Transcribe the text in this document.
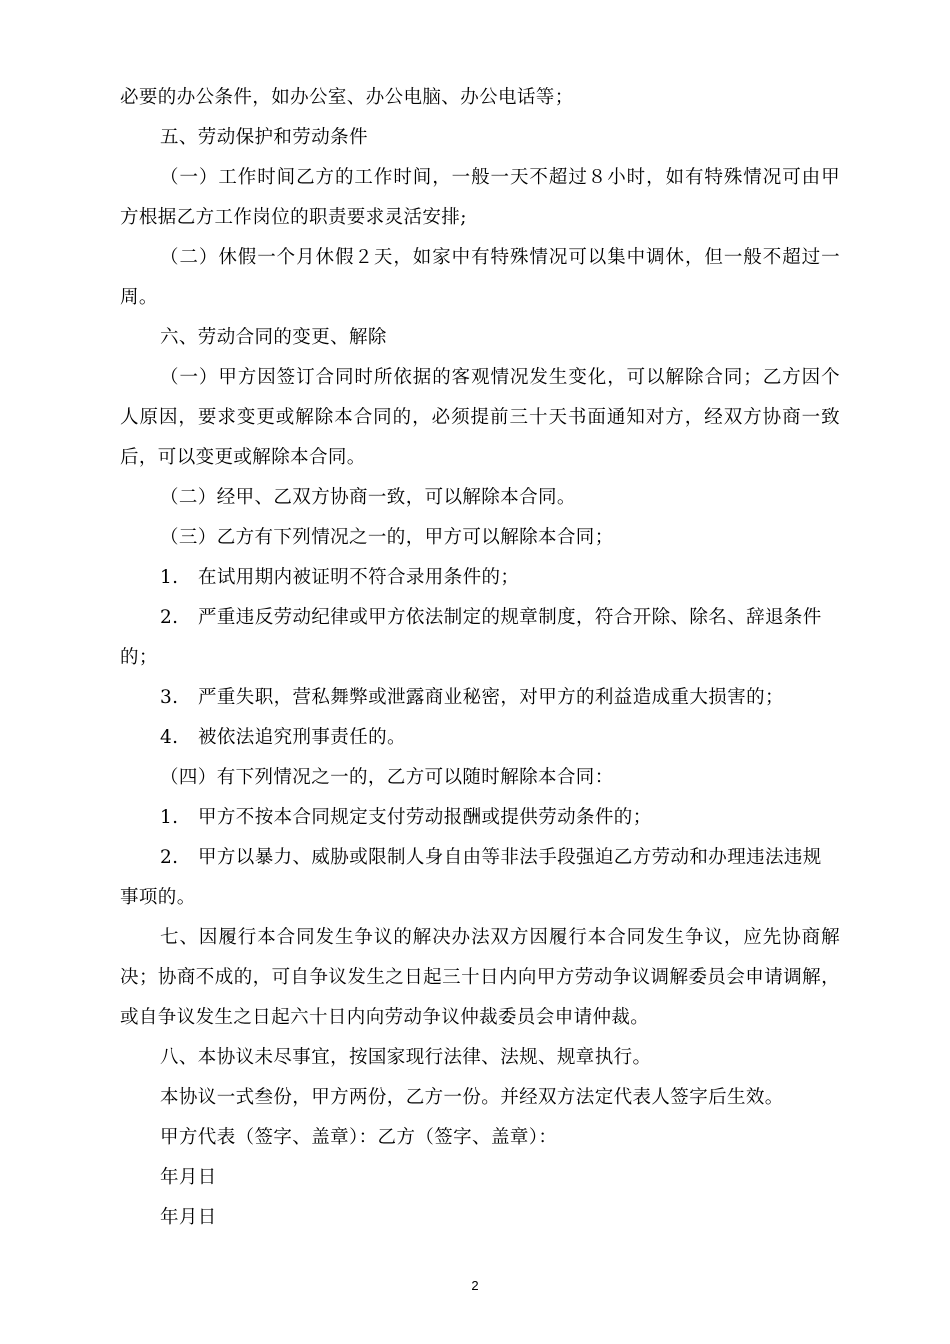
必要的办公条件，如办公室、办公电脑、办公电话等；

五、劳动保护和劳动条件

（一）工作时间乙方的工作时间，一般一天不超过８小时，如有特殊情况可由甲方根据乙方工作岗位的职责要求灵活安排;

（二）休假一个月休假２天，如家中有特殊情况可以集中调休，但一般不超过一周。

六、劳动合同的变更、解除

（一）甲方因签订合同时所依据的客观情况发生变化，可以解除合同；乙方因个人原因，要求变更或解除本合同的，必须提前三十天书面通知对方，经双方协商一致后，可以变更或解除本合同。

（二）经甲、乙双方协商一致，可以解除本合同。

（三）乙方有下列情况之一的，甲方可以解除本合同；

1. 在试用期内被证明不符合录用条件的；

2. 严重违反劳动纪律或甲方依法制定的规章制度，符合开除、除名、辞退条件的；

3. 严重失职，营私舞弊或泄露商业秘密，对甲方的利益造成重大损害的；

4. 被依法追究刑事责任的。

（四）有下列情况之一的，乙方可以随时解除本合同：

1. 甲方不按本合同规定支付劳动报酬或提供劳动条件的；

2. 甲方以暴力、威胁或限制人身自由等非法手段强迫乙方劳动和办理违法违规事项的。

七、因履行本合同发生争议的解决办法双方因履行本合同发生争议，应先协商解决；协商不成的，可自争议发生之日起三十日内向甲方劳动争议调解委员会申请调解，或自争议发生之日起六十日内向劳动争议仲裁委员会申请仲裁。

八、本协议未尽事宜，按国家现行法律、法规、规章执行。

本协议一式叁份，甲方两份，乙方一份。并经双方法定代表人签字后生效。

甲方代表（签字、盖章）：乙方（签字、盖章）：

年月日

年月日

2
